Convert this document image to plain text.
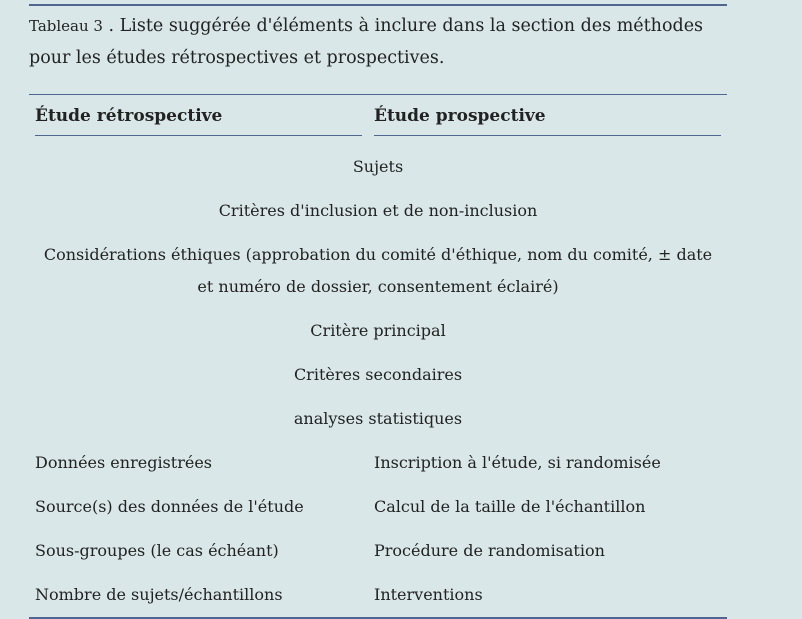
Tableau 3 . Liste suggérée d'éléments à inclure dans la section des méthodes pour les études rétrospectives et prospectives.
Étude rétrospective	Étude prospective

Sujets	
Critères d'inclusion et de non-inclusion	
Considérations éthiques (approbation du comité d'éthique, nom du comité, ± date et numéro de dossier, consentement éclairé)	
Critère principal	
Critères secondaires	
analyses statistiques	
Données enregistrées	Inscription à l'étude, si randomisée
Source(s) des données de l'étude	Calcul de la taille de l'échantillon
Sous-groupes (le cas échéant)	Procédure de randomisation
Nombre de sujets/échantillons	Interventions
